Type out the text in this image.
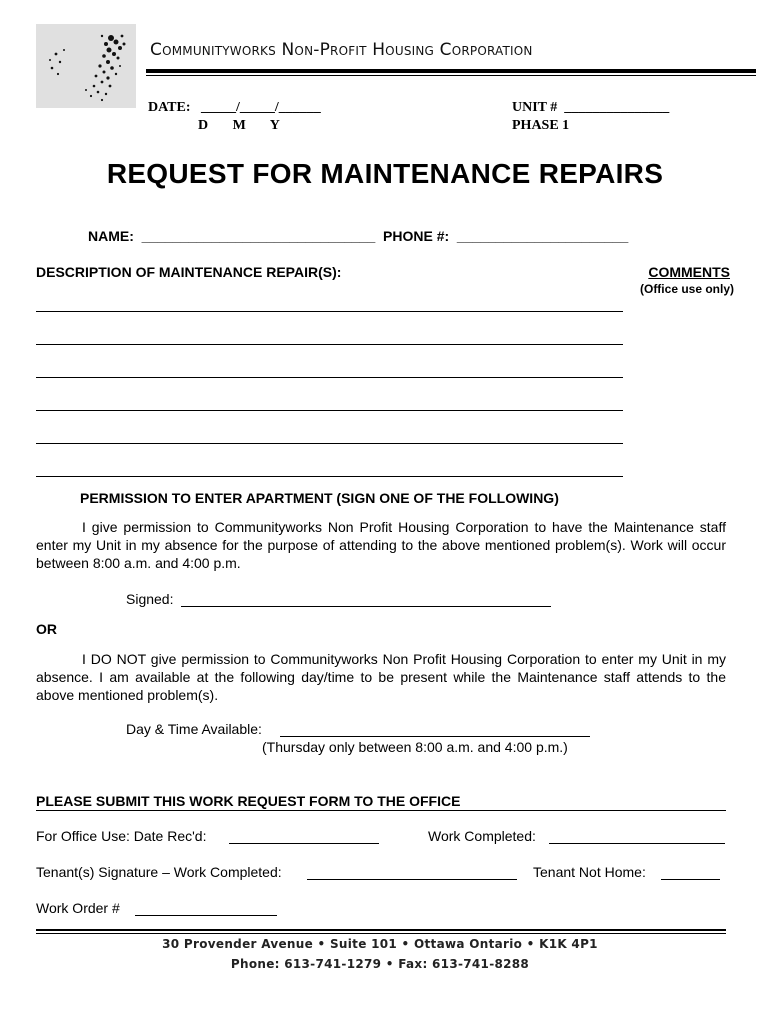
Communityworks Non-Profit Housing Corporation
DATE:   _____/_____/______
D       M       Y
UNIT #  _______________
PHASE 1
REQUEST FOR MAINTENANCE REPAIRS
NAME:  ______________________________  PHONE #:  ______________________
DESCRIPTION OF MAINTENANCE REPAIR(S):	COMMENTS
(Office use only)
PERMISSION TO ENTER APARTMENT (SIGN ONE OF THE FOLLOWING)
I give permission to Communityworks Non Profit Housing Corporation to have the Maintenance staff enter my Unit in my absence for the purpose of attending to the above mentioned problem(s). Work will occur between 8:00 a.m. and 4:00 p.m.
Signed:
OR
I DO NOT give permission to Communityworks Non Profit Housing Corporation to enter my Unit in my absence. I am available at the following day/time to be present while the Maintenance staff attends to the above mentioned problem(s).
Day & Time Available:
(Thursday only between 8:00 a.m. and 4:00 p.m.)
PLEASE SUBMIT THIS WORK REQUEST FORM TO THE OFFICE
For Office Use: Date Rec'd:	Work Completed:
Tenant(s) Signature – Work Completed:	Tenant Not Home:
Work Order #
30 Provender Avenue • Suite 101 • Ottawa Ontario • K1K 4P1
Phone: 613-741-1279 • Fax: 613-741-8288
